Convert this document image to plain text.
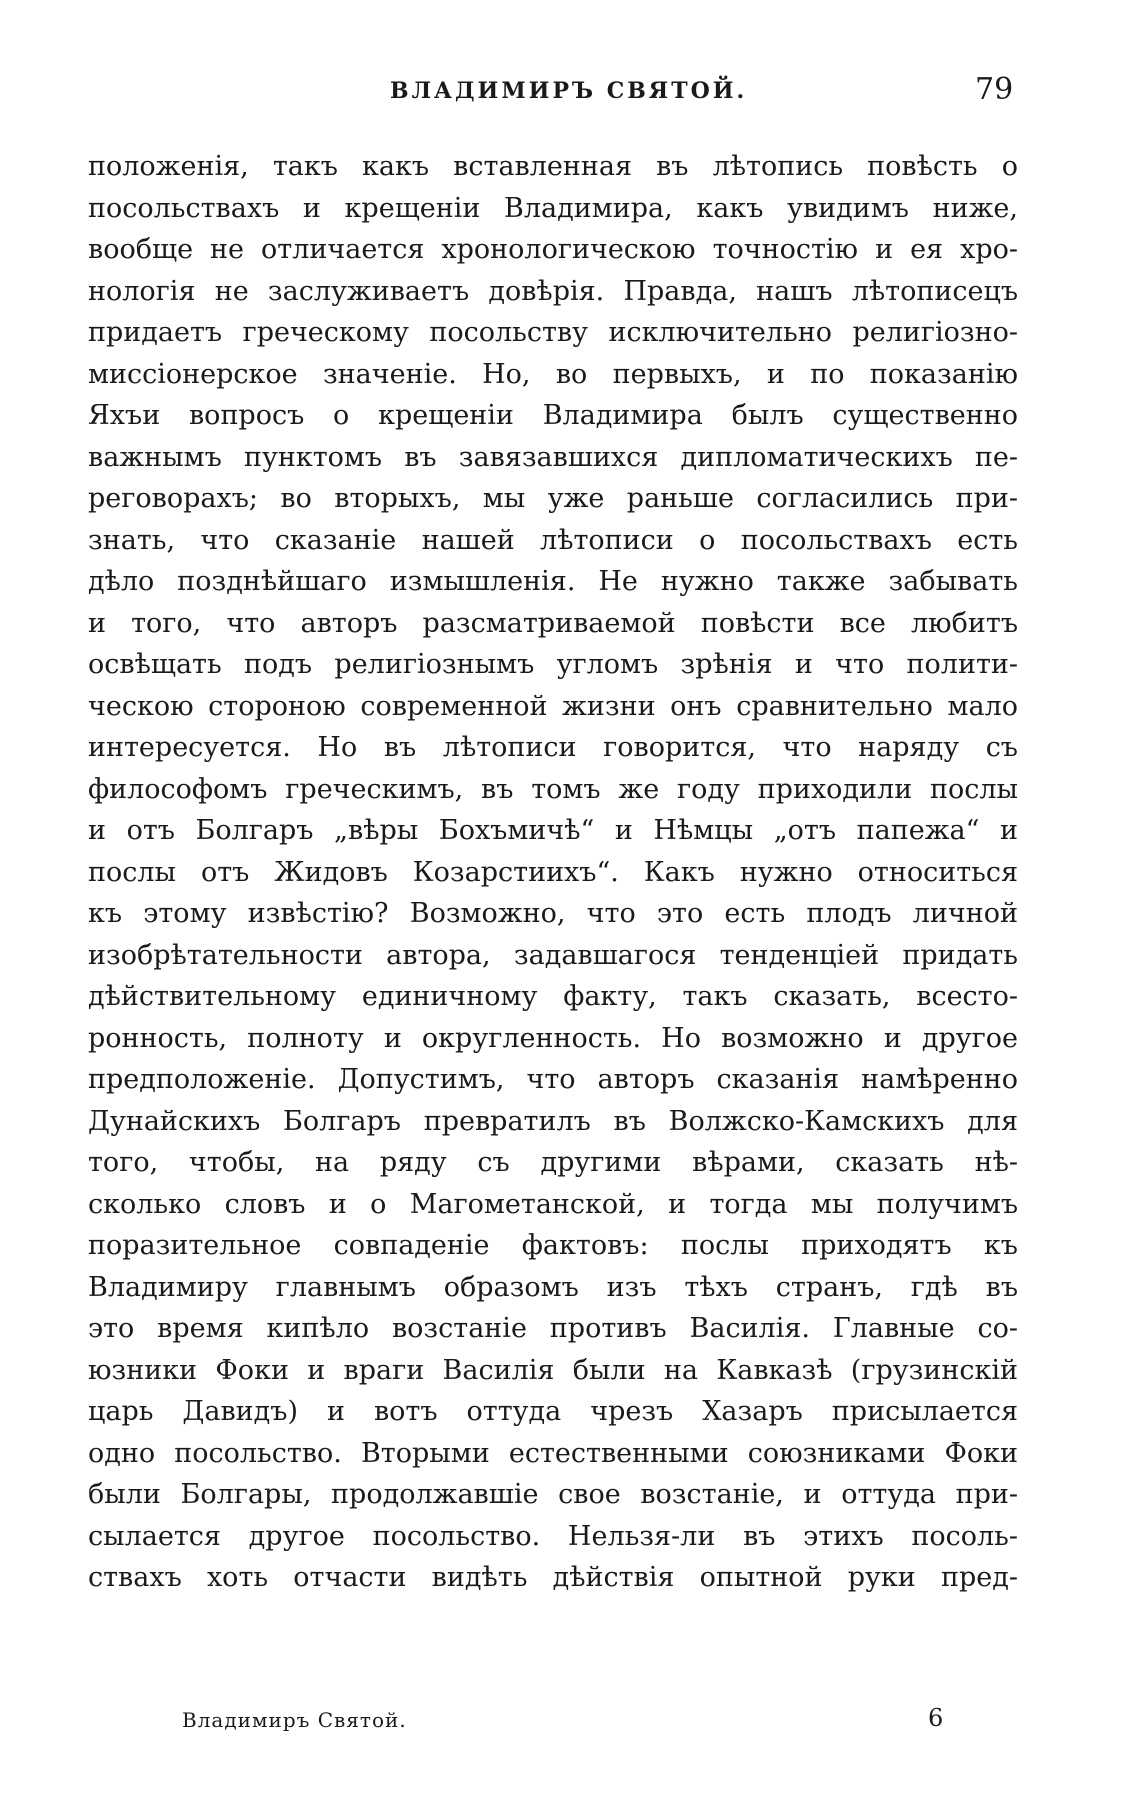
ВЛАДИМИРЪ СВЯТОЙ.	79
положенія, такъ какъ вставленная въ лѣтопись повѣсть о
посольствахъ и крещеніи Владимира, какъ увидимъ ниже,
вообще не отличается хронологическою точностію и ея хро-
нологія не заслуживаетъ довѣрія. Правда, нашъ лѣтописецъ
придаетъ греческому посольству исключительно религіозно-
миссіонерское значеніе. Но, во первыхъ, и по показанію
Яхъи вопросъ о крещеніи Владимира былъ существенно
важнымъ пунктомъ въ завязавшихся дипломатическихъ пе-
реговорахъ; во вторыхъ, мы уже раньше согласились при-
знать, что сказаніе нашей лѣтописи о посольствахъ есть
дѣло позднѣйшаго измышленія. Не нужно также забывать
и того, что авторъ разсматриваемой повѣсти все любитъ
освѣщать подъ религіознымъ угломъ зрѣнія и что полити-
ческою стороною современной жизни онъ сравнительно мало
интересуется. Но въ лѣтописи говорится, что наряду съ
философомъ греческимъ, въ томъ же году приходили послы
и отъ Болгаръ „вѣры Бохъмичѣ“ и Нѣмцы „отъ папежа“ и
послы отъ Жидовъ Козарстиихъ“. Какъ нужно относиться
къ этому извѣстію? Возможно, что это есть плодъ личной
изобрѣтательности автора, задавшагося тенденціей придать
дѣйствительному единичному факту, такъ сказать, всесто-
ронность, полноту и округленность. Но возможно и другое
предположеніе. Допустимъ, что авторъ сказанія намѣренно
Дунайскихъ Болгаръ превратилъ въ Волжско-Камскихъ для
того, чтобы, на ряду съ другими вѣрами, сказать нѣ-
сколько словъ и о Магометанской, и тогда мы получимъ
поразительное совпаденіе фактовъ: послы приходятъ къ
Владимиру главнымъ образомъ изъ тѣхъ странъ, гдѣ въ
это время кипѣло возстаніе противъ Василія. Главные со-
юзники Фоки и враги Василія были на Кавказѣ (грузинскій
царь Давидъ) и вотъ оттуда чрезъ Хазаръ присылается
одно посольство. Вторыми естественными союзниками Фоки
были Болгары, продолжавшіе свое возстаніе, и оттуда при-
сылается другое посольство. Нельзя-ли въ этихъ посоль-
ствахъ хоть отчасти видѣть дѣйствія опытной руки пред-
Владимиръ Святой.	6
